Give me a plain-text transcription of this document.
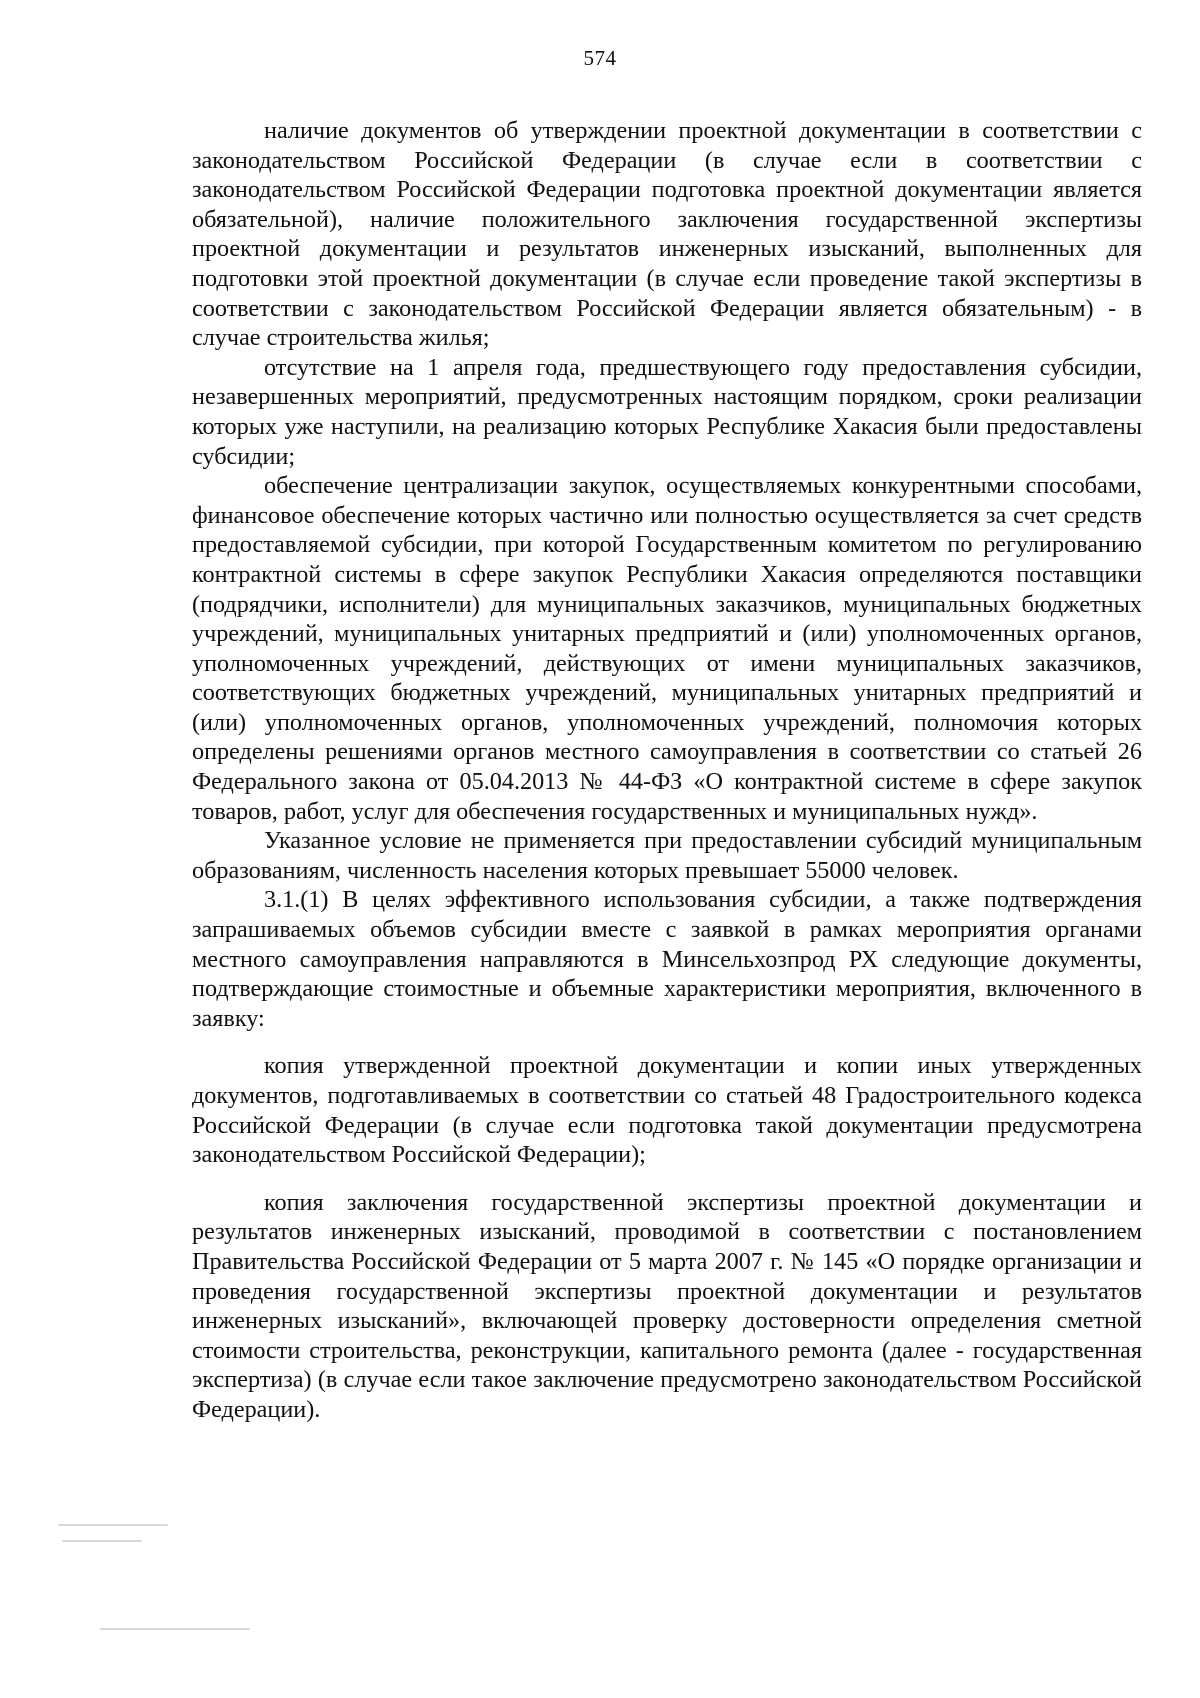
574

наличие документов об утверждении проектной документации в соответствии с законодательством Российской Федерации (в случае если в соответствии с законодательством Российской Федерации подготовка проектной документации является обязательной), наличие положительного заключения государственной экспертизы проектной документации и результатов инженерных изысканий, выполненных для подготовки этой проектной документации (в случае если проведение такой экспертизы в соответствии с законодательством Российской Федерации является обязательным) - в случае строительства жилья;

отсутствие на 1 апреля года, предшествующего году предоставления субсидии, незавершенных мероприятий, предусмотренных настоящим порядком, сроки реализации которых уже наступили, на реализацию которых Республике Хакасия были предоставлены субсидии;

обеспечение централизации закупок, осуществляемых конкурентными способами, финансовое обеспечение которых частично или полностью осуществляется за счет средств предоставляемой субсидии, при которой Государственным комитетом по регулированию контрактной системы в сфере закупок Республики Хакасия определяются поставщики (подрядчики, исполнители) для муниципальных заказчиков, муниципальных бюджетных учреждений, муниципальных унитарных предприятий и (или) уполномоченных органов, уполномоченных учреждений, действующих от имени муниципальных заказчиков, соответствующих бюджетных учреждений, муниципальных унитарных предприятий и (или) уполномоченных органов, уполномоченных учреждений, полномочия которых определены решениями органов местного самоуправления в соответствии со статьей 26 Федерального закона от 05.04.2013 № 44-ФЗ «О контрактной системе в сфере закупок товаров, работ, услуг для обеспечения государственных и муниципальных нужд».

Указанное условие не применяется при предоставлении субсидий муниципальным образованиям, численность населения которых превышает 55000 человек.

3.1.(1) В целях эффективного использования субсидии, а также подтверждения запрашиваемых объемов субсидии вместе с заявкой в рамках мероприятия органами местного самоуправления направляются в Минсельхозпрод РХ следующие документы, подтверждающие стоимостные и объемные характеристики мероприятия, включенного в заявку:

копия утвержденной проектной документации и копии иных утвержденных документов, подготавливаемых в соответствии со статьей 48 Градостроительного кодекса Российской Федерации (в случае если подготовка такой документации предусмотрена законодательством Российской Федерации);

копия заключения государственной экспертизы проектной документации и результатов инженерных изысканий, проводимой в соответствии с постановлением Правительства Российской Федерации от 5 марта 2007 г. № 145 «О порядке организации и проведения государственной экспертизы проектной документации и результатов инженерных изысканий», включающей проверку достоверности определения сметной стоимости строительства, реконструкции, капитального ремонта (далее - государственная экспертиза) (в случае если такое заключение предусмотрено законодательством Российской Федерации).
